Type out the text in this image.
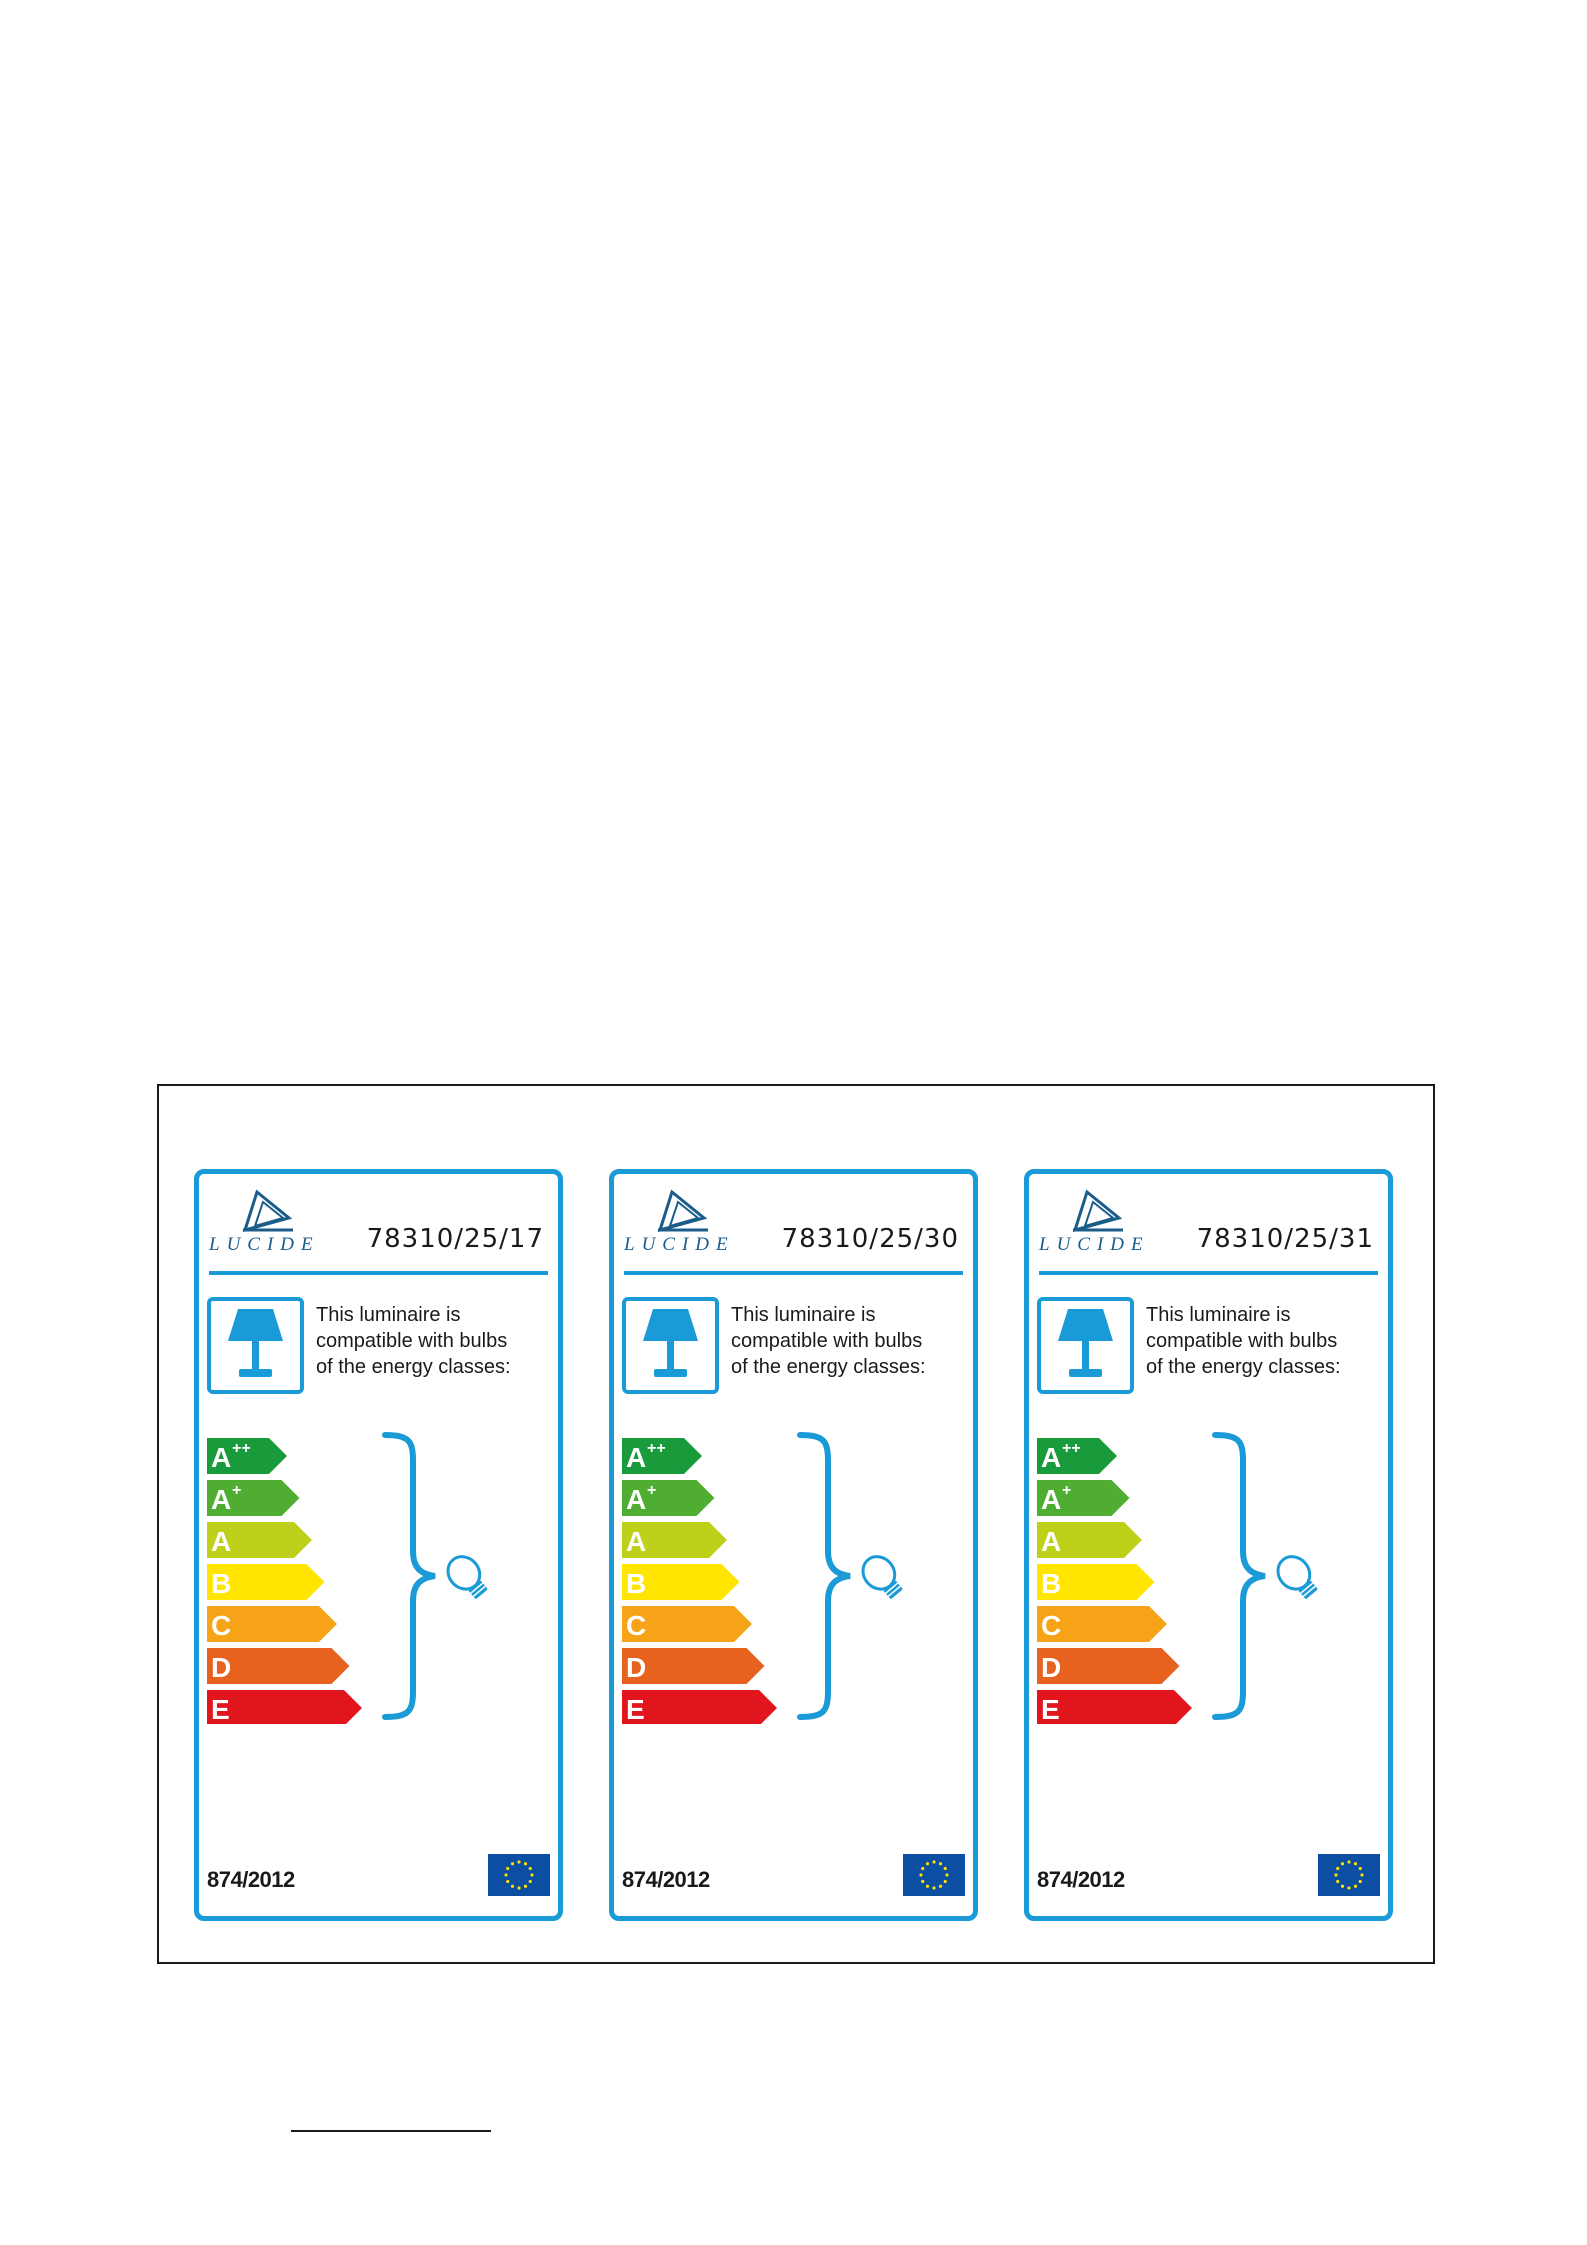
LUCIDE 78310/25/17
This luminaire is
compatible with bulbs
of the energy classes:
A ++
A +
A
B
C
D
E
874/2012
LUCIDE 78310/25/30
This luminaire is
compatible with bulbs
of the energy classes:
A ++
A +
A
B
C
D
E
874/2012
LUCIDE 78310/25/31
This luminaire is
compatible with bulbs
of the energy classes:
A ++
A +
A
B
C
D
E
874/2012
